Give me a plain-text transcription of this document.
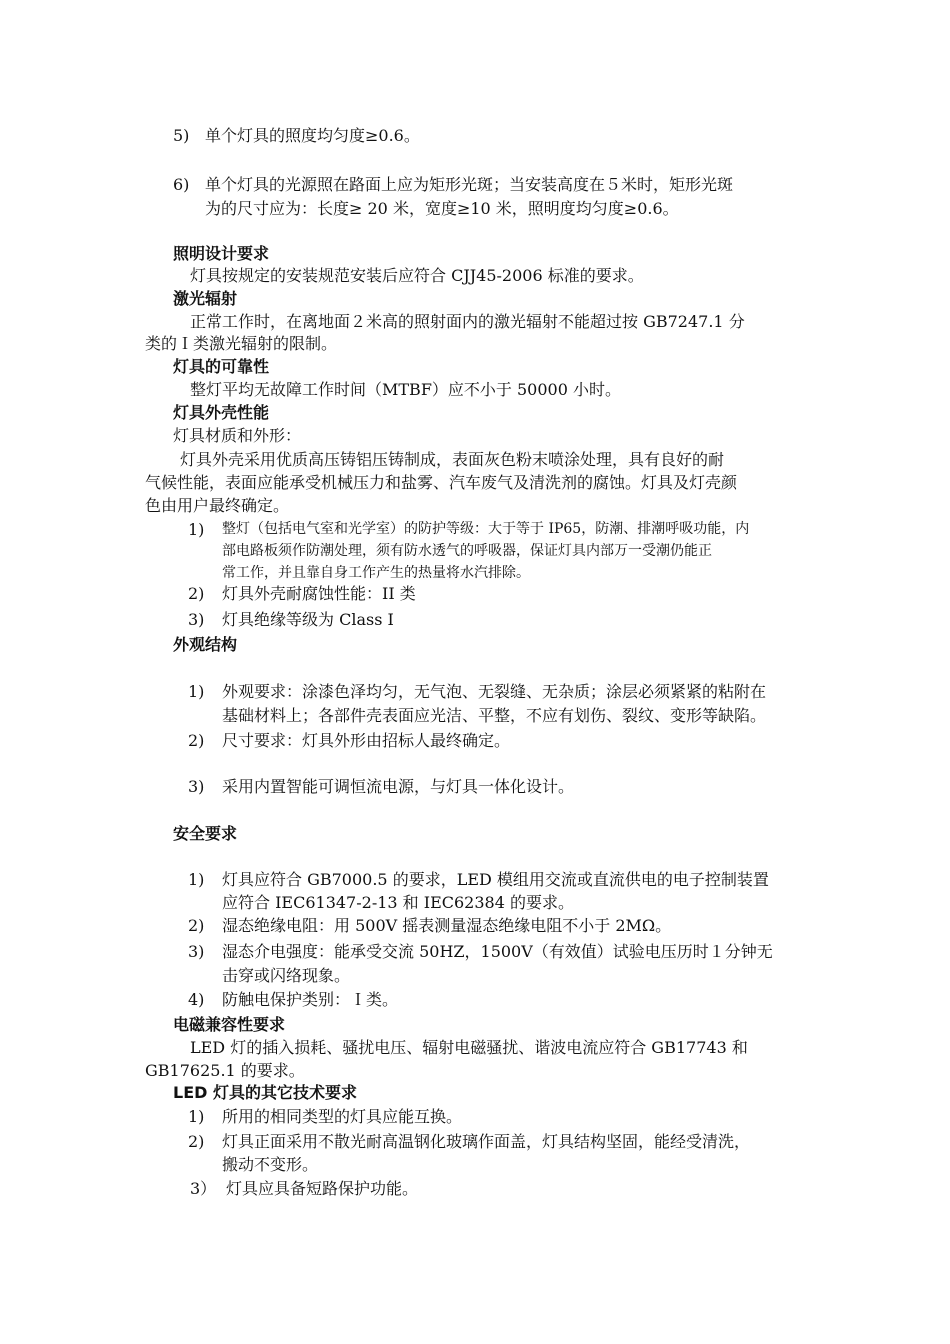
5) 单个灯具的照度均匀度≥0.6。
6) 单个灯具的光源照在路面上应为矩形光斑；当安装高度在５米时，矩形光斑
为的尺寸应为：长度≥ 20 米，宽度≥10 米，照明度均匀度≥0.6。
照明设计要求
灯具按规定的安装规范安装后应符合 CJJ45-2006 标准的要求。
激光辐射
正常工作时，在离地面２米高的照射面内的激光辐射不能超过按 GB7247.1 分
类的Ｉ类激光辐射的限制。
灯具的可靠性
整灯平均无故障工作时间（MTBF）应不小于 50000 小时。
灯具外壳性能
灯具材质和外形：
灯具外壳采用优质高压铸铝压铸制成，表面灰色粉末喷涂处理，具有良好的耐
气候性能，表面应能承受机械压力和盐雾、汽车废气及清洗剂的腐蚀。灯具及灯壳颜
色由用户最终确定。
1) 整灯（包括电气室和光学室）的防护等级：大于等于 IP65，防潮、排潮呼吸功能，内
部电路板须作防潮处理，须有防水透气的呼吸器，保证灯具内部万一受潮仍能正
常工作，并且靠自身工作产生的热量将水汽排除。
2) 灯具外壳耐腐蚀性能：II 类
3) 灯具绝缘等级为 Class I
外观结构
1) 外观要求：涂漆色泽均匀，无气泡、无裂缝、无杂质；涂层必须紧紧的粘附在
基础材料上；各部件壳表面应光洁、平整，不应有划伤、裂纹、变形等缺陷。
2) 尺寸要求：灯具外形由招标人最终确定。
3) 采用内置智能可调恒流电源，与灯具一体化设计。
安全要求
1) 灯具应符合 GB7000.5 的要求，LED 模组用交流或直流供电的电子控制装置
应符合 IEC61347-2-13 和 IEC62384 的要求。
2) 湿态绝缘电阻：用 500V 摇表测量湿态绝缘电阻不小于 2MΩ。
3) 湿态介电强度：能承受交流 50HZ，1500V（有效值）试验电压历时１分钟无
击穿或闪络现象。
4) 防触电保护类别：Ｉ类。
电磁兼容性要求
LED 灯的插入损耗、骚扰电压、辐射电磁骚扰、谐波电流应符合 GB17743 和
GB17625.1 的要求。
LED 灯具的其它技术要求
1) 所用的相同类型的灯具应能互换。
2) 灯具正面采用不散光耐高温钢化玻璃作面盖，灯具结构坚固，能经受清洗，
搬动不变形。
3） 灯具应具备短路保护功能。
